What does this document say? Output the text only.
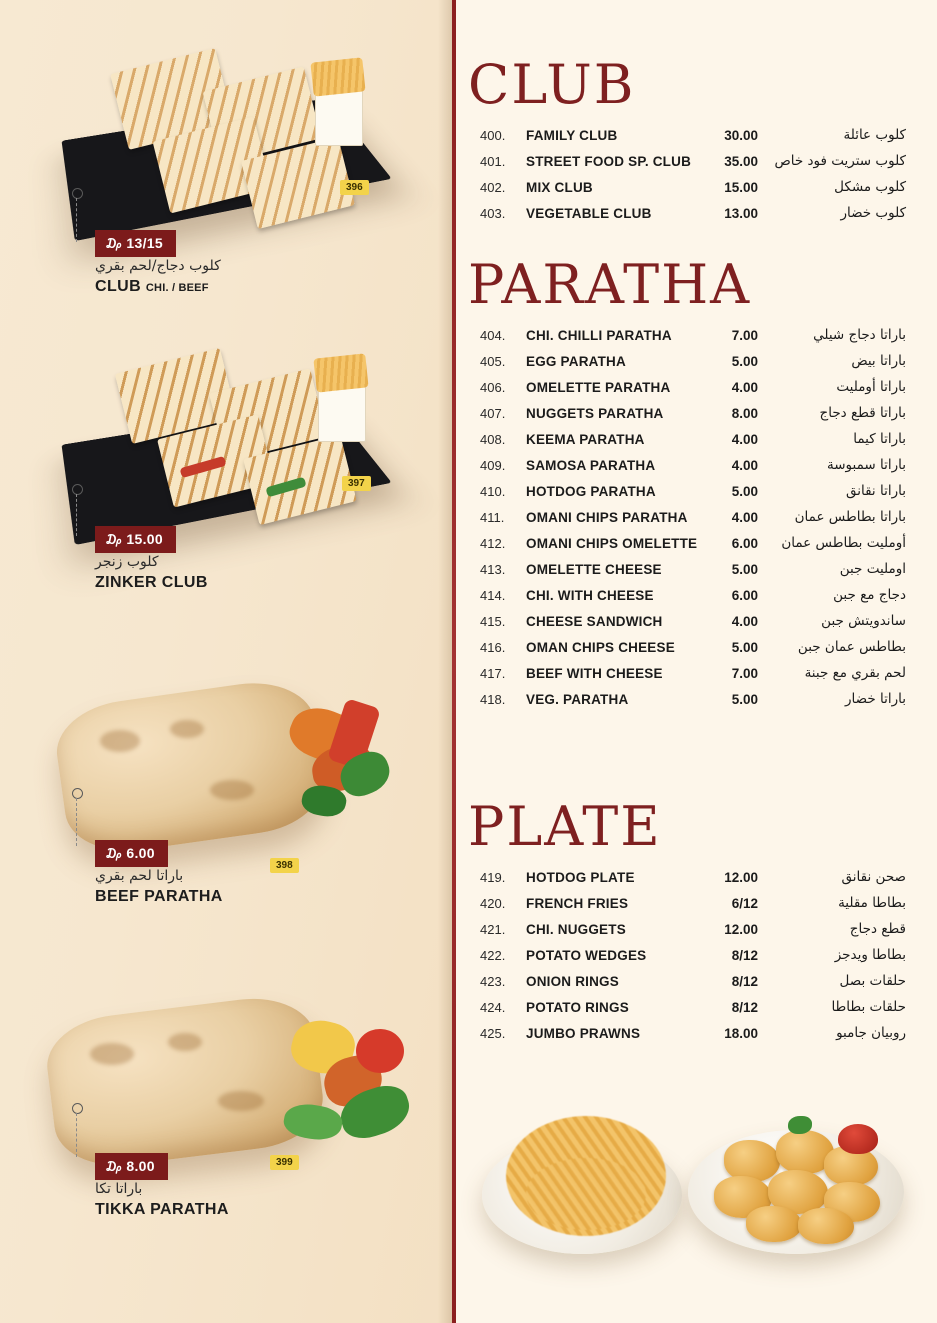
396
₯ 13/15
كلوب دجاج/لحم بقري
CLUB CHI. / BEEF
397
₯ 15.00
كلوب زنجر
ZINKER CLUB
398
₯ 6.00
باراتا لحم بقري
BEEF PARATHA
399
₯ 8.00
باراتا تكا
TIKKA PARATHA
CLUB
400.	FAMILY CLUB	30.00	كلوب عائلة
401.	STREET FOOD SP. CLUB	35.00	كلوب ستريت فود خاص
402.	MIX CLUB	15.00	كلوب مشكل
403.	VEGETABLE CLUB	13.00	كلوب خضار
PARATHA
404.	CHI. CHILLI PARATHA	7.00	باراتا دجاج شيلي
405.	EGG PARATHA	5.00	باراتا بيض
406.	OMELETTE PARATHA	4.00	باراتا أوملیت
407.	NUGGETS PARATHA	8.00	باراتا قطع دجاج
408.	KEEMA PARATHA	4.00	باراتا كيما
409.	SAMOSA PARATHA	4.00	باراتا سمبوسة
410.	HOTDOG PARATHA	5.00	باراتا نقانق
411.	OMANI CHIPS PARATHA	4.00	باراتا بطاطس عمان
412.	OMANI CHIPS OMELETTE	6.00	أومليت بطاطس عمان
413.	OMELETTE CHEESE	5.00	اومليت جبن
414.	CHI. WITH CHEESE	6.00	دجاج مع جبن
415.	CHEESE SANDWICH	4.00	ساندويتش جبن
416.	OMAN CHIPS CHEESE	5.00	بطاطس عمان جبن
417.	BEEF WITH CHEESE	7.00	لحم بقري مع جبنة
418.	VEG. PARATHA	5.00	باراتا خضار
PLATE
419.	HOTDOG PLATE	12.00	صحن نقانق
420.	FRENCH FRIES	6/12	بطاطا مقلية
421.	CHI. NUGGETS	12.00	قطع دجاج
422.	POTATO WEDGES	8/12	بطاطا ويدجز
423.	ONION RINGS	8/12	حلقات بصل
424.	POTATO RINGS	8/12	حلقات بطاطا
425.	JUMBO PRAWNS	18.00	روبيان جامبو
